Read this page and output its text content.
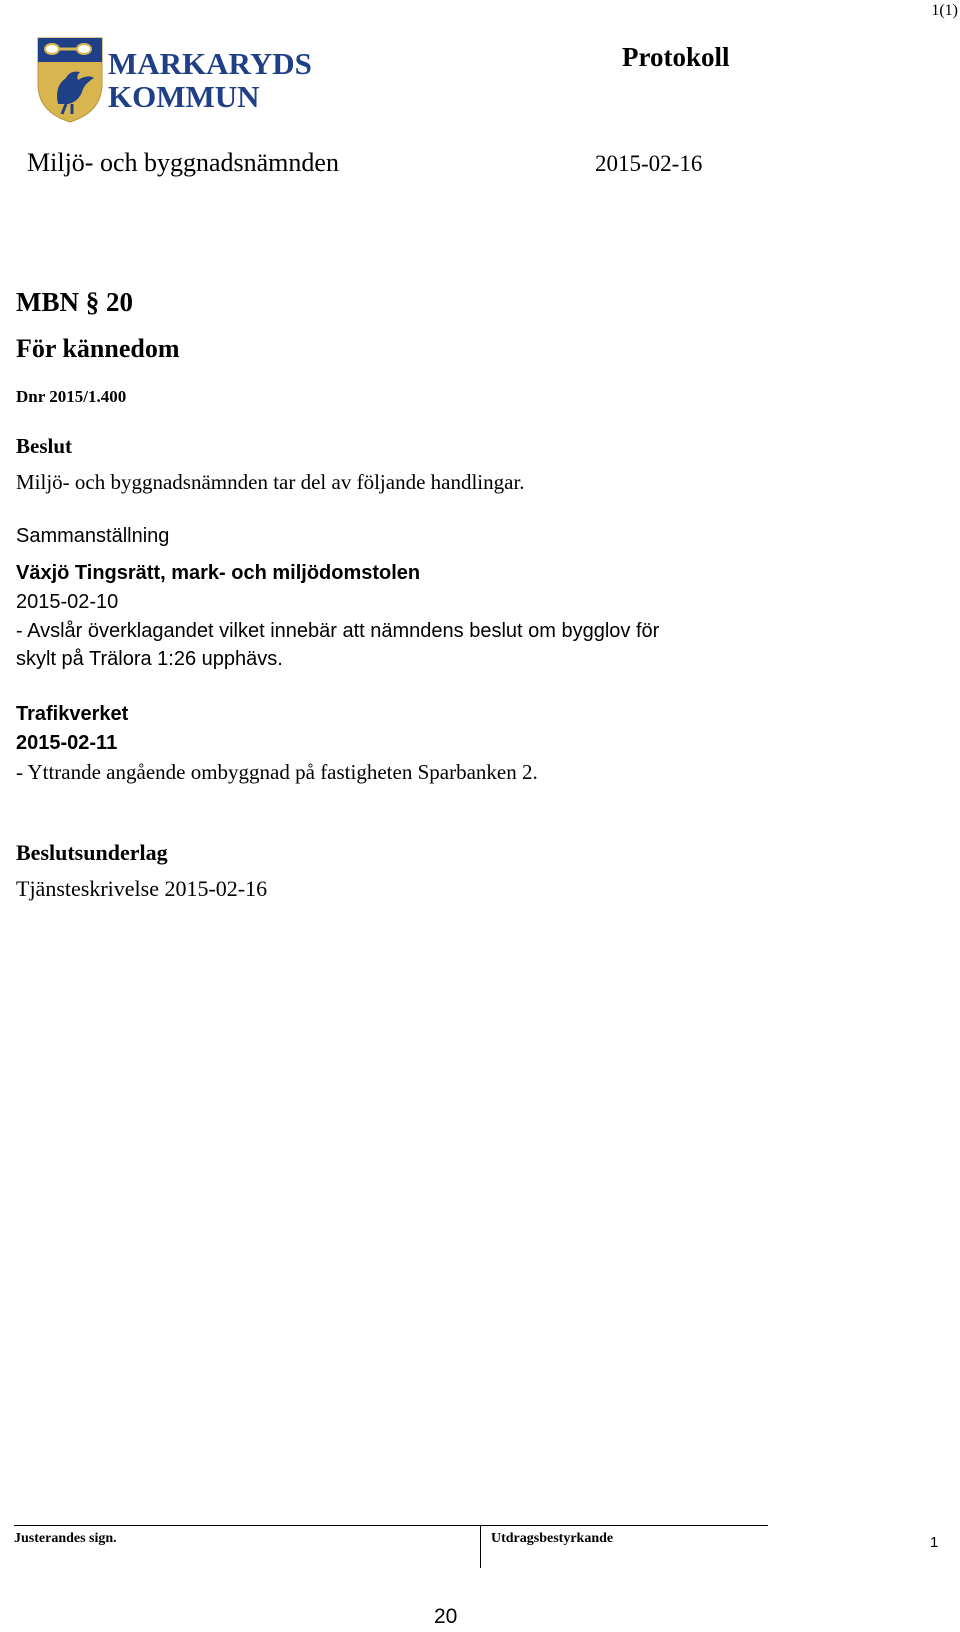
1(1)
MARKARYDS
KOMMUN
Protokoll
Miljö- och byggnadsnämnden	2015-02-16
MBN § 20
För kännedom
Dnr 2015/1.400
Beslut
Miljö- och byggnadsnämnden tar del av följande handlingar.
Sammanställning
Växjö Tingsrätt, mark- och miljödomstolen
2015-02-10
- Avslår överklagandet vilket innebär att nämndens beslut om bygglov för
skylt på Trälora 1:26 upphävs.
Trafikverket
2015-02-11
- Yttrande angående ombyggnad på fastigheten Sparbanken 2.
Beslutsunderlag
Tjänsteskrivelse 2015-02-16
Justerandes sign.	Utdragsbestyrkande	1
20
